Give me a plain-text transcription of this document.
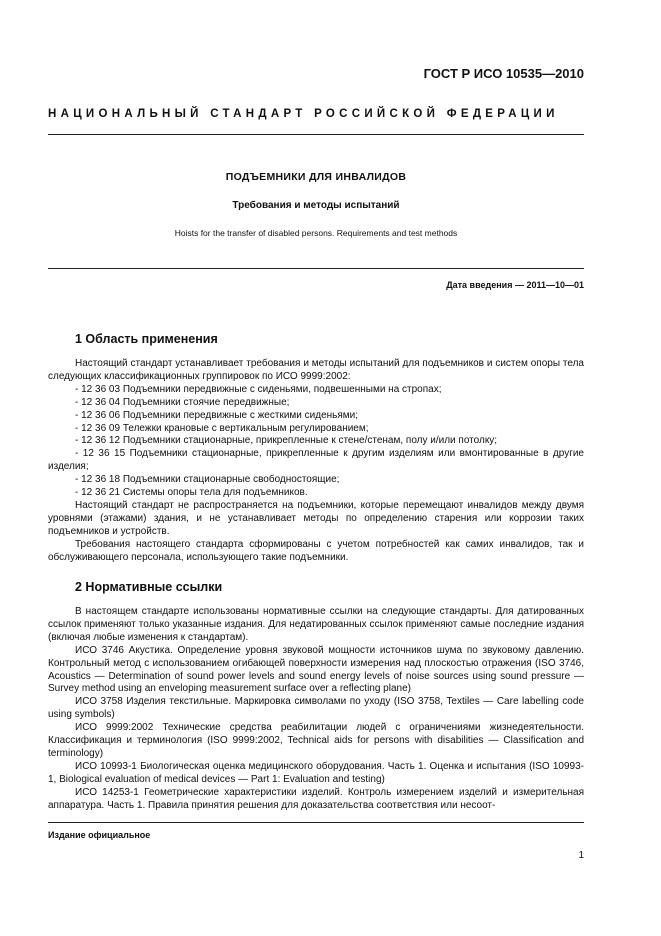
ГОСТ Р ИСО 10535—2010
НАЦИОНАЛЬНЫЙ СТАНДАРТ РОССИЙСКОЙ ФЕДЕРАЦИИ
ПОДЪЕМНИКИ ДЛЯ ИНВАЛИДОВ
Требования и методы испытаний
Hoists for the transfer of disabled persons. Requirements and test methods
Дата введения — 2011—10—01
1 Область применения

Настоящий стандарт устанавливает требования и методы испытаний для подъемников и систем опоры тела следующих классификационных группировок по ИСО 9999:2002:

- 12 36 03 Подъемники передвижные с сиденьями, подвешенными на стропах;

- 12 36 04 Подъемники стоячие передвижные;

- 12 36 06 Подъемники передвижные с жесткими сиденьями;

- 12 36 09 Тележки крановые с вертикальным регулированием;

- 12 36 12 Подъемники стационарные, прикрепленные к стене/стенам, полу и/или потолку;

- 12 36 15 Подъемники стационарные, прикрепленные к другим изделиям или вмонтированные в другие изделия;

- 12 36 18 Подъемники стационарные свободностоящие;

- 12 36 21 Системы опоры тела для подъемников.

Настоящий стандарт не распространяется на подъемники, которые перемещают инвалидов между двумя уровнями (этажами) здания, и не устанавливает методы по определению старения или коррозии таких подъемников и устройств.

Требования настоящего стандарта сформированы с учетом потребностей как самих инвалидов, так и обслуживающего персонала, использующего такие подъемники.

2 Нормативные ссылки

В настоящем стандарте использованы нормативные ссылки на следующие стандарты. Для датированных ссылок применяют только указанные издания. Для недатированных ссылок применяют самые последние издания (включая любые изменения к стандартам).

ИСО 3746 Акустика. Определение уровня звуковой мощности источников шума по звуковому давлению. Контрольный метод с использованием огибающей поверхности измерения над плоскостью отражения (ISO 3746, Acoustics — Determination of sound power levels and sound energy levels of noise sources using sound pressure — Survey method using an enveloping measurement surface over a reflecting plane)

ИСО 3758 Изделия текстильные. Маркировка символами по уходу (ISO 3758, Textiles — Care labelling code using symbols)

ИСО 9999:2002 Технические средства реабилитации людей с ограничениями жизнедеятельности. Классификация и терминология (ISO 9999:2002, Technical aids for persons with disabilities — Classification and terminology)

ИСО 10993-1 Биологическая оценка медицинского оборудования. Часть 1. Оценка и испытания (ISO 10993-1, Biological evaluation of medical devices — Part 1: Evaluation and testing)

ИСО 14253-1 Геометрические характеристики изделий. Контроль измерением изделий и измерительная аппаратура. Часть 1. Правила принятия решения для доказательства соответствия или несоот-

Издание официальное
1
